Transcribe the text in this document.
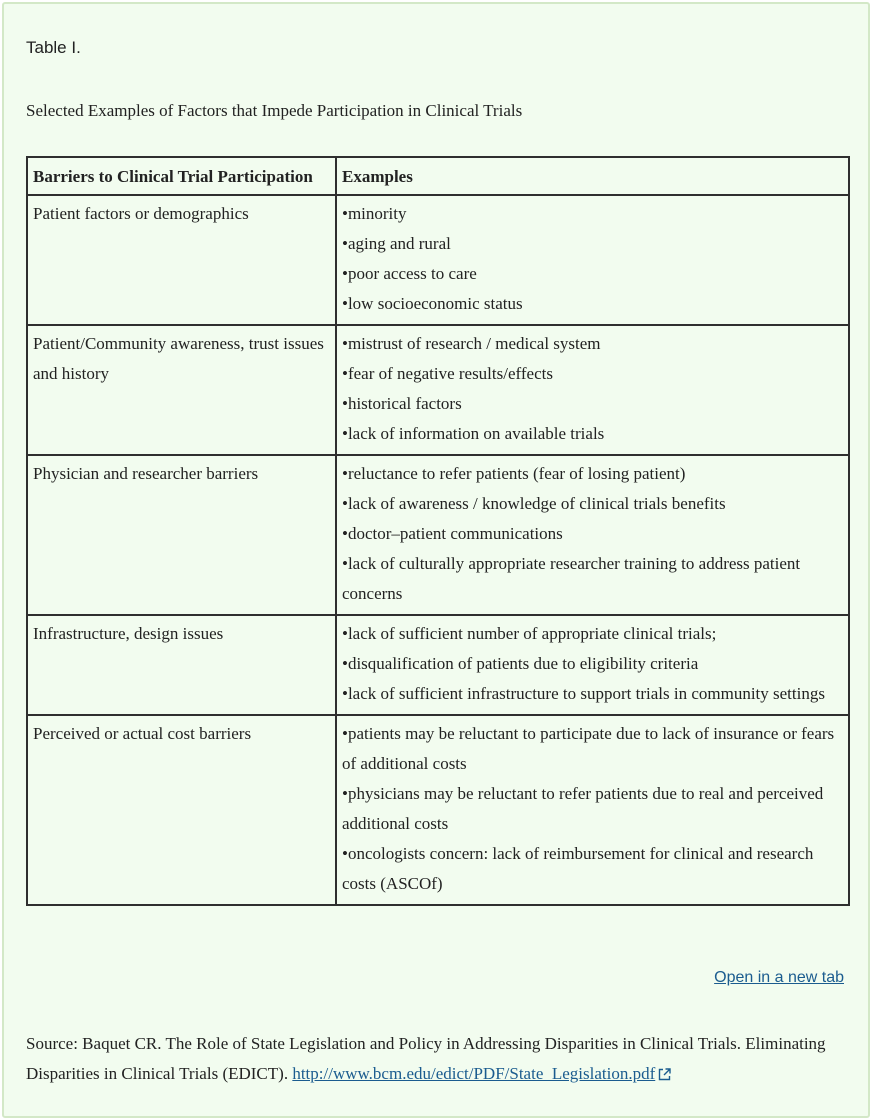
Table I.
Selected Examples of Factors that Impede Participation in Clinical Trials
Barriers to Clinical Trial Participation	Examples
Patient factors or demographics	•minority
•aging and rural
•poor access to care
•low socioeconomic status

Patient/Community awareness, trust issues and history	•mistrust of research / medical system
•fear of negative results/effects
•historical factors
•lack of information on available trials

Physician and researcher barriers	•reluctance to refer patients (fear of losing patient)
•lack of awareness / knowledge of clinical trials benefits
•doctor–patient communications
•lack of culturally appropriate researcher training to address patient concerns

Infrastructure, design issues	•lack of sufficient number of appropriate clinical trials;
•disqualification of patients due to eligibility criteria
•lack of sufficient infrastructure to support trials in community settings

Perceived or actual cost barriers	•patients may be reluctant to participate due to lack of insurance or fears of additional costs
•physicians may be reluctant to refer patients due to real and perceived additional costs
•oncologists concern: lack of reimbursement for clinical and research costs (ASCOf)
Open in a new tab
Source: Baquet CR. The Role of State Legislation and Policy in Addressing Disparities in Clinical Trials. Eliminating Disparities in Clinical Trials (EDICT). http://www.bcm.edu/edict/PDF/State_Legislation.pdf
